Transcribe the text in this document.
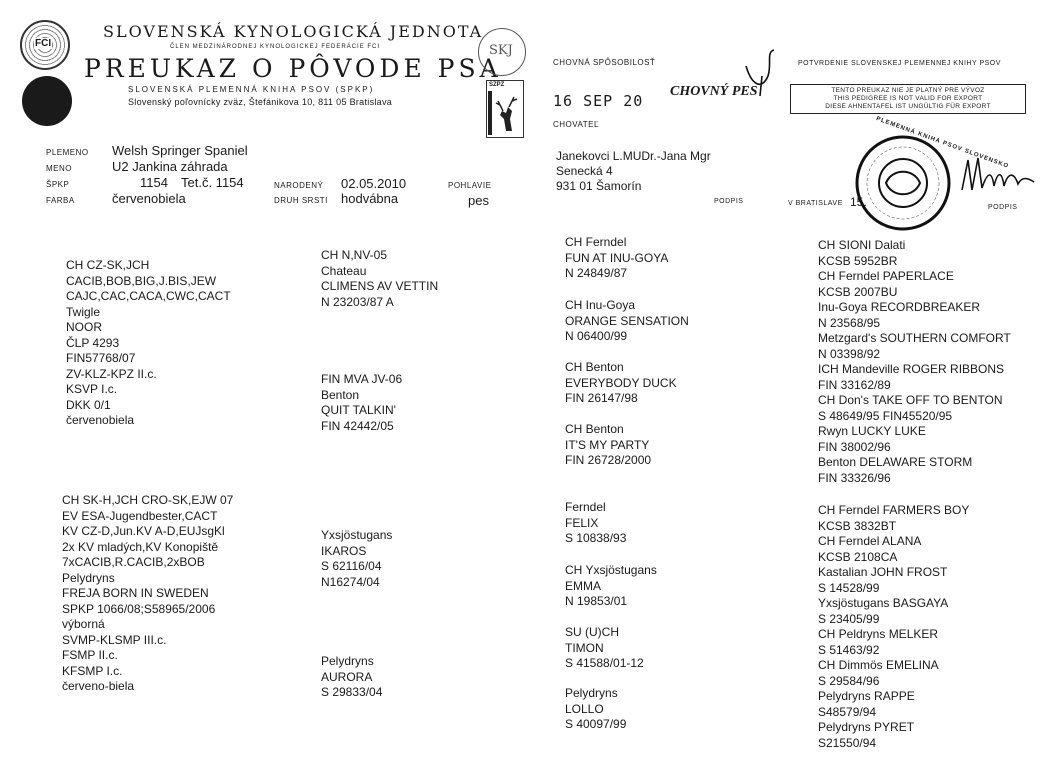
FCI
SLOVENSKÁ KYNOLOGICKÁ JEDNOTA
ČLEN MEDZINÁRODNEJ KYNOLOGICKEJ FEDERÁCIE FCI
PREUKAZ O PÔVODE PSA
SLOVENSKÁ PLEMENNÁ KNIHA PSOV (SPKP)
Slovenský poľovnícky zväz, Štefánikova 10, 811 05 Bratislava
SKJ
SZPZ
CHOVNÁ SPÔSOBILOSŤ
16 SEP 20
CHOVNÝ PES
CHOVATEĽ
POTVRDENIE SLOVENSKEJ PLEMENNEJ KNIHY PSOV
TENTO PREUKAZ NIE JE PLATNÝ PRE VÝVOZ
THIS PEDIGREE IS NOT VALID FOR EXPORT
DIESE AHNENTAFEL IST UNGÜLTIG FÜR EXPORT
Janekovci L.MUDr.-Jana Mgr
Senecká 4
931 01 Šamorín
PODPIS	V BRATISLAVE 15.	PODPIS
PLEMENNÁ KNIHA PSOV SLOVENSKO
PLEMENO Welsh Springer Spaniel
MENO	U2 Jankina záhrada
ŠPKP	1154 Tet.č. 1154
FARBA	červenobiela
NARODENÝ 02.05.2010
DRUH SRSTI hodvábna
POHLAVIE
pes
CH CZ-SK,JCH
CACIB,BOB,BIG,J.BIS,JEW
CAJC,CAC,CACA,CWC,CACT
Twigle
NOOR
ČLP 4293
FIN57768/07
ZV-KLZ-KPZ II.c.
KSVP I.c.
DKK 0/1
červenobiela
CH SK-H,JCH CRO-SK,EJW 07
EV ESA-Jugendbester,CACT
KV CZ-D,Jun.KV A-D,EUJsgKl
2x KV mladých,KV Konopiště
7xCACIB,R.CACIB,2xBOB
Pelydryns
FREJA BORN IN SWEDEN
SPKP 1066/08;S58965/2006
výborná
SVMP-KLSMP III.c.
FSMP II.c.
KFSMP I.c.
červeno-biela
CH N,NV-05
Chateau
CLIMENS AV VETTIN
N 23203/87 A
FIN MVA JV-06
Benton
QUIT TALKIN'
FIN 42442/05
Yxsjöstugans
IKAROS
S 62116/04
N16274/04
Pelydryns
AURORA
S 29833/04
CH Ferndel
FUN AT INU-GOYA
N 24849/87
CH Inu-Goya
ORANGE SENSATION
N 06400/99
CH Benton
EVERYBODY DUCK
FIN 26147/98
CH Benton
IT'S MY PARTY
FIN 26728/2000
Ferndel
FELIX
S 10838/93
CH Yxsjöstugans
EMMA
N 19853/01
SU (U)CH
TIMON
S 41588/01-12
Pelydryns
LOLLO
S 40097/99
CH SIONI Dalati
KCSB 5952BR
CH Ferndel PAPERLACE
KCSB 2007BU
Inu-Goya RECORDBREAKER
N 23568/95
Metzgard's SOUTHERN COMFORT
N 03398/92
ICH Mandeville ROGER RIBBONS
FIN 33162/89
CH Don's TAKE OFF TO BENTON
S 48649/95 FIN45520/95
Rwyn LUCKY LUKE
FIN 38002/96
Benton DELAWARE STORM
FIN 33326/96
CH Ferndel FARMERS BOY
KCSB 3832BT
CH Ferndel ALANA
KCSB 2108CA
Kastalian JOHN FROST
S 14528/99
Yxsjöstugans BASGAYA
S 23405/99
CH Peldryns MELKER
S 51463/92
CH Dimmös EMELINA
S 29584/96
Pelydryns RAPPE
S48579/94
Pelydryns PYRET
S21550/94
